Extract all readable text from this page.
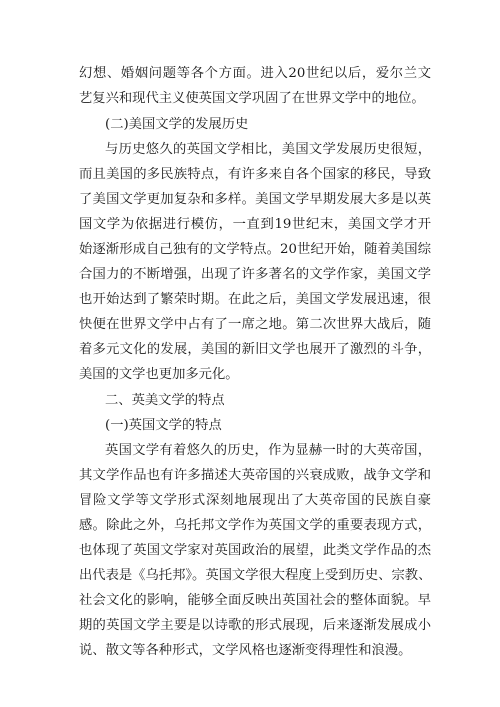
幻想、婚姻问题等各个方面。进入20世纪以后，爱尔兰文
艺复兴和现代主义使英国文学巩固了在世界文学中的地位。
(二)美国文学的发展历史
与历史悠久的英国文学相比，美国文学发展历史很短，
而且美国的多民族特点，有许多来自各个国家的移民，导致
了美国文学更加复杂和多样。美国文学早期发展大多是以英
国文学为依据进行模仿，一直到19世纪末，美国文学才开
始逐渐形成自己独有的文学特点。20世纪开始，随着美国综
合国力的不断增强，出现了许多著名的文学作家，美国文学
也开始达到了繁荣时期。在此之后，美国文学发展迅速，很
快便在世界文学中占有了一席之地。第二次世界大战后，随
着多元文化的发展，美国的新旧文学也展开了激烈的斗争，
美国的文学也更加多元化。
二、英美文学的特点
(一)英国文学的特点
英国文学有着悠久的历史，作为显赫一时的大英帝国，
其文学作品也有许多描述大英帝国的兴衰成败，战争文学和
冒险文学等文学形式深刻地展现出了大英帝国的民族自豪
感。除此之外，乌托邦文学作为英国文学的重要表现方式，
也体现了英国文学家对英国政治的展望，此类文学作品的杰
出代表是《乌托邦》。英国文学很大程度上受到历史、宗教、
社会文化的影响，能够全面反映出英国社会的整体面貌。早
期的英国文学主要是以诗歌的形式展现，后来逐渐发展成小
说、散文等各种形式，文学风格也逐渐变得理性和浪漫。
